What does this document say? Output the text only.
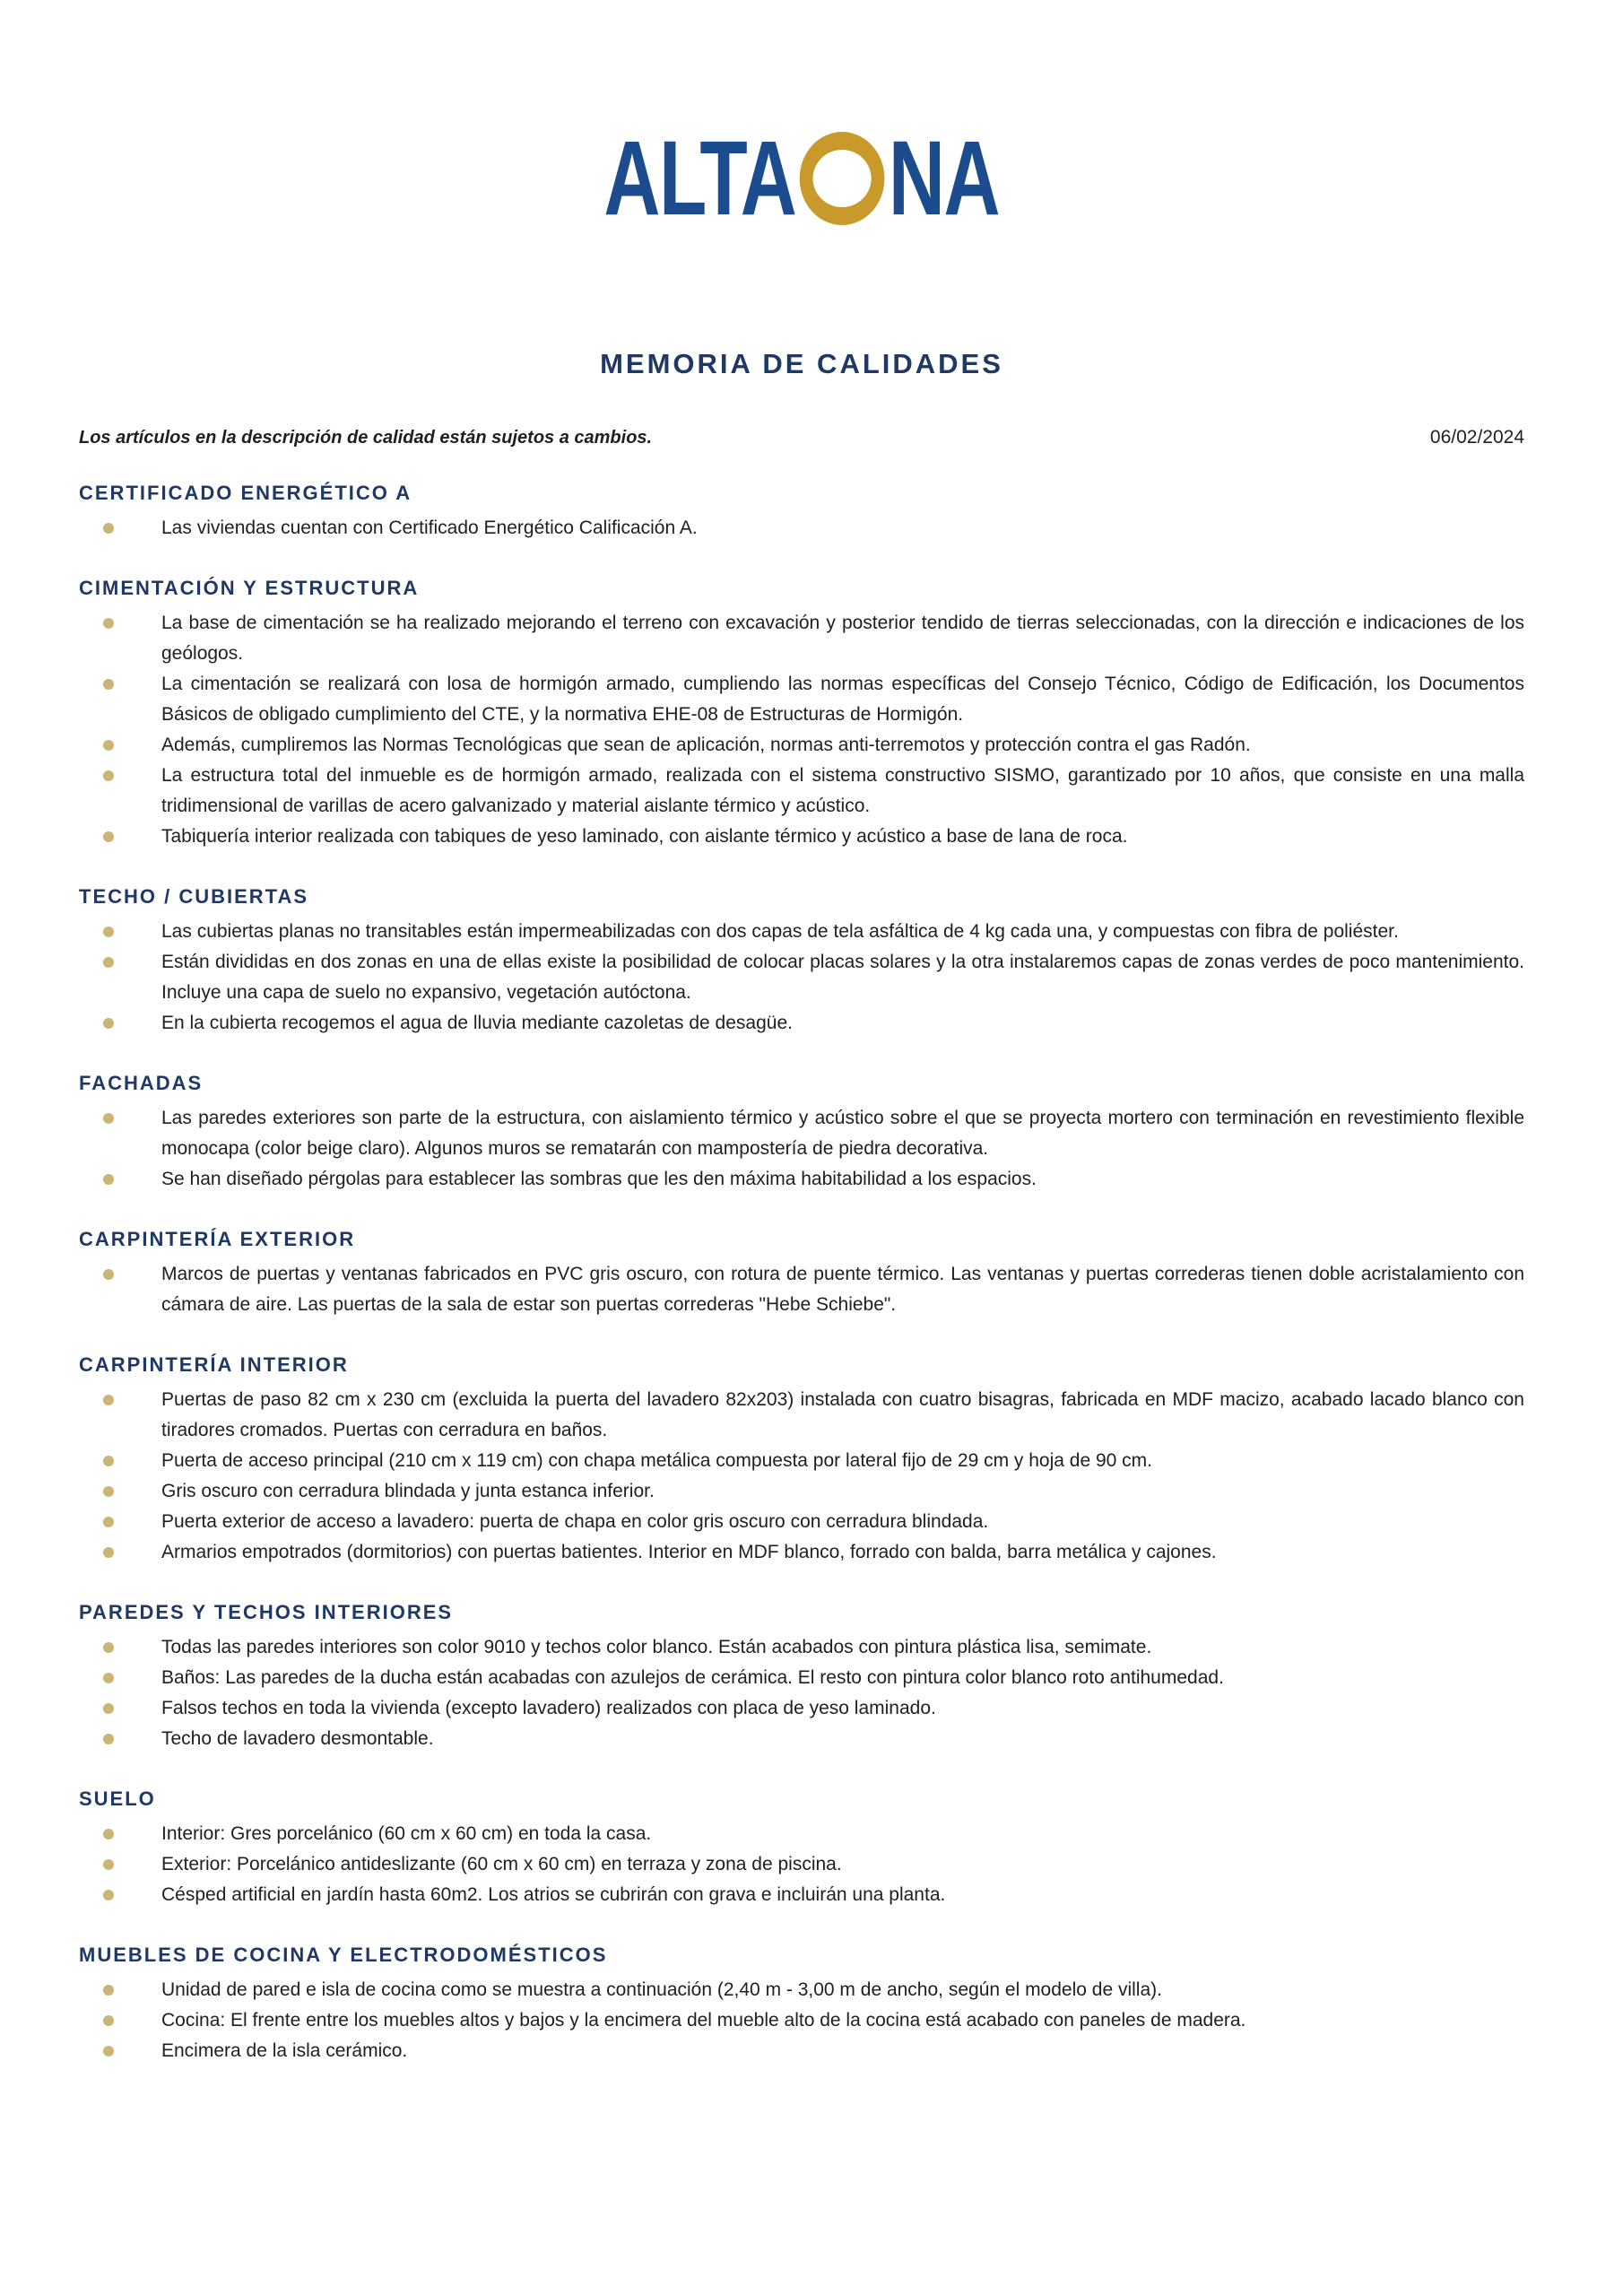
ALTA NA
MEMORIA DE CALIDADES
Los artículos en la descripción de calidad están sujetos a cambios.	06/02/2024
CERTIFICADO ENERGÉTICO A
Las viviendas cuentan con Certificado Energético Calificación A.
CIMENTACIÓN Y ESTRUCTURA
La base de cimentación se ha realizado mejorando el terreno con excavación y posterior tendido de tierras seleccionadas, con la dirección e indicaciones de los geólogos.
La cimentación se realizará con losa de hormigón armado, cumpliendo las normas específicas del Consejo Técnico, Código de Edificación, los Documentos Básicos de obligado cumplimiento del CTE, y la normativa EHE-08 de Estructuras de Hormigón.
Además, cumpliremos las Normas Tecnológicas que sean de aplicación, normas anti-terremotos y protección contra el gas Radón.
La estructura total del inmueble es de hormigón armado, realizada con el sistema constructivo SISMO, garantizado por 10 años, que consiste en una malla tridimensional de varillas de acero galvanizado y material aislante térmico y acústico.
Tabiquería interior realizada con tabiques de yeso laminado, con aislante térmico y acústico a base de lana de roca.
TECHO / CUBIERTAS
Las cubiertas planas no transitables están impermeabilizadas con dos capas de tela asfáltica de 4 kg cada una, y compuestas con fibra de poliéster.
Están divididas en dos zonas en una de ellas existe la posibilidad de colocar placas solares y la otra instalaremos capas de zonas verdes de poco mantenimiento. Incluye una capa de suelo no expansivo, vegetación autóctona.
En la cubierta recogemos el agua de lluvia mediante cazoletas de desagüe.
FACHADAS
Las paredes exteriores son parte de la estructura, con aislamiento térmico y acústico sobre el que se proyecta mortero con terminación en revestimiento flexible monocapa (color beige claro). Algunos muros se rematarán con mampostería de piedra decorativa.
Se han diseñado pérgolas para establecer las sombras que les den máxima habitabilidad a los espacios.
CARPINTERÍA EXTERIOR
Marcos de puertas y ventanas fabricados en PVC gris oscuro, con rotura de puente térmico. Las ventanas y puertas correderas tienen doble acristalamiento con cámara de aire. Las puertas de la sala de estar son puertas correderas "Hebe Schiebe".
CARPINTERÍA INTERIOR
Puertas de paso 82 cm x 230 cm (excluida la puerta del lavadero 82x203) instalada con cuatro bisagras, fabricada en MDF macizo, acabado lacado blanco con tiradores cromados. Puertas con cerradura en baños.
Puerta de acceso principal (210 cm x 119 cm) con chapa metálica compuesta por lateral fijo de 29 cm y hoja de 90 cm.
Gris oscuro con cerradura blindada y junta estanca inferior.
Puerta exterior de acceso a lavadero: puerta de chapa en color gris oscuro con cerradura blindada.
Armarios empotrados (dormitorios) con puertas batientes. Interior en MDF blanco, forrado con balda, barra metálica y cajones.
PAREDES Y TECHOS INTERIORES
Todas las paredes interiores son color 9010 y techos color blanco. Están acabados con pintura plástica lisa, semimate.
Baños: Las paredes de la ducha están acabadas con azulejos de cerámica. El resto con pintura color blanco roto antihumedad.
Falsos techos en toda la vivienda (excepto lavadero) realizados con placa de yeso laminado.
Techo de lavadero desmontable.
SUELO
Interior: Gres porcelánico (60 cm x 60 cm) en toda la casa.
Exterior: Porcelánico antideslizante (60 cm x 60 cm) en terraza y zona de piscina.
Césped artificial en jardín hasta 60m2. Los atrios se cubrirán con grava e incluirán una planta.
MUEBLES DE COCINA Y ELECTRODOMÉSTICOS
Unidad de pared e isla de cocina como se muestra a continuación (2,40 m - 3,00 m de ancho, según el modelo de villa).
Cocina: El frente entre los muebles altos y bajos y la encimera del mueble alto de la cocina está acabado con paneles de madera.
Encimera de la isla cerámico.
